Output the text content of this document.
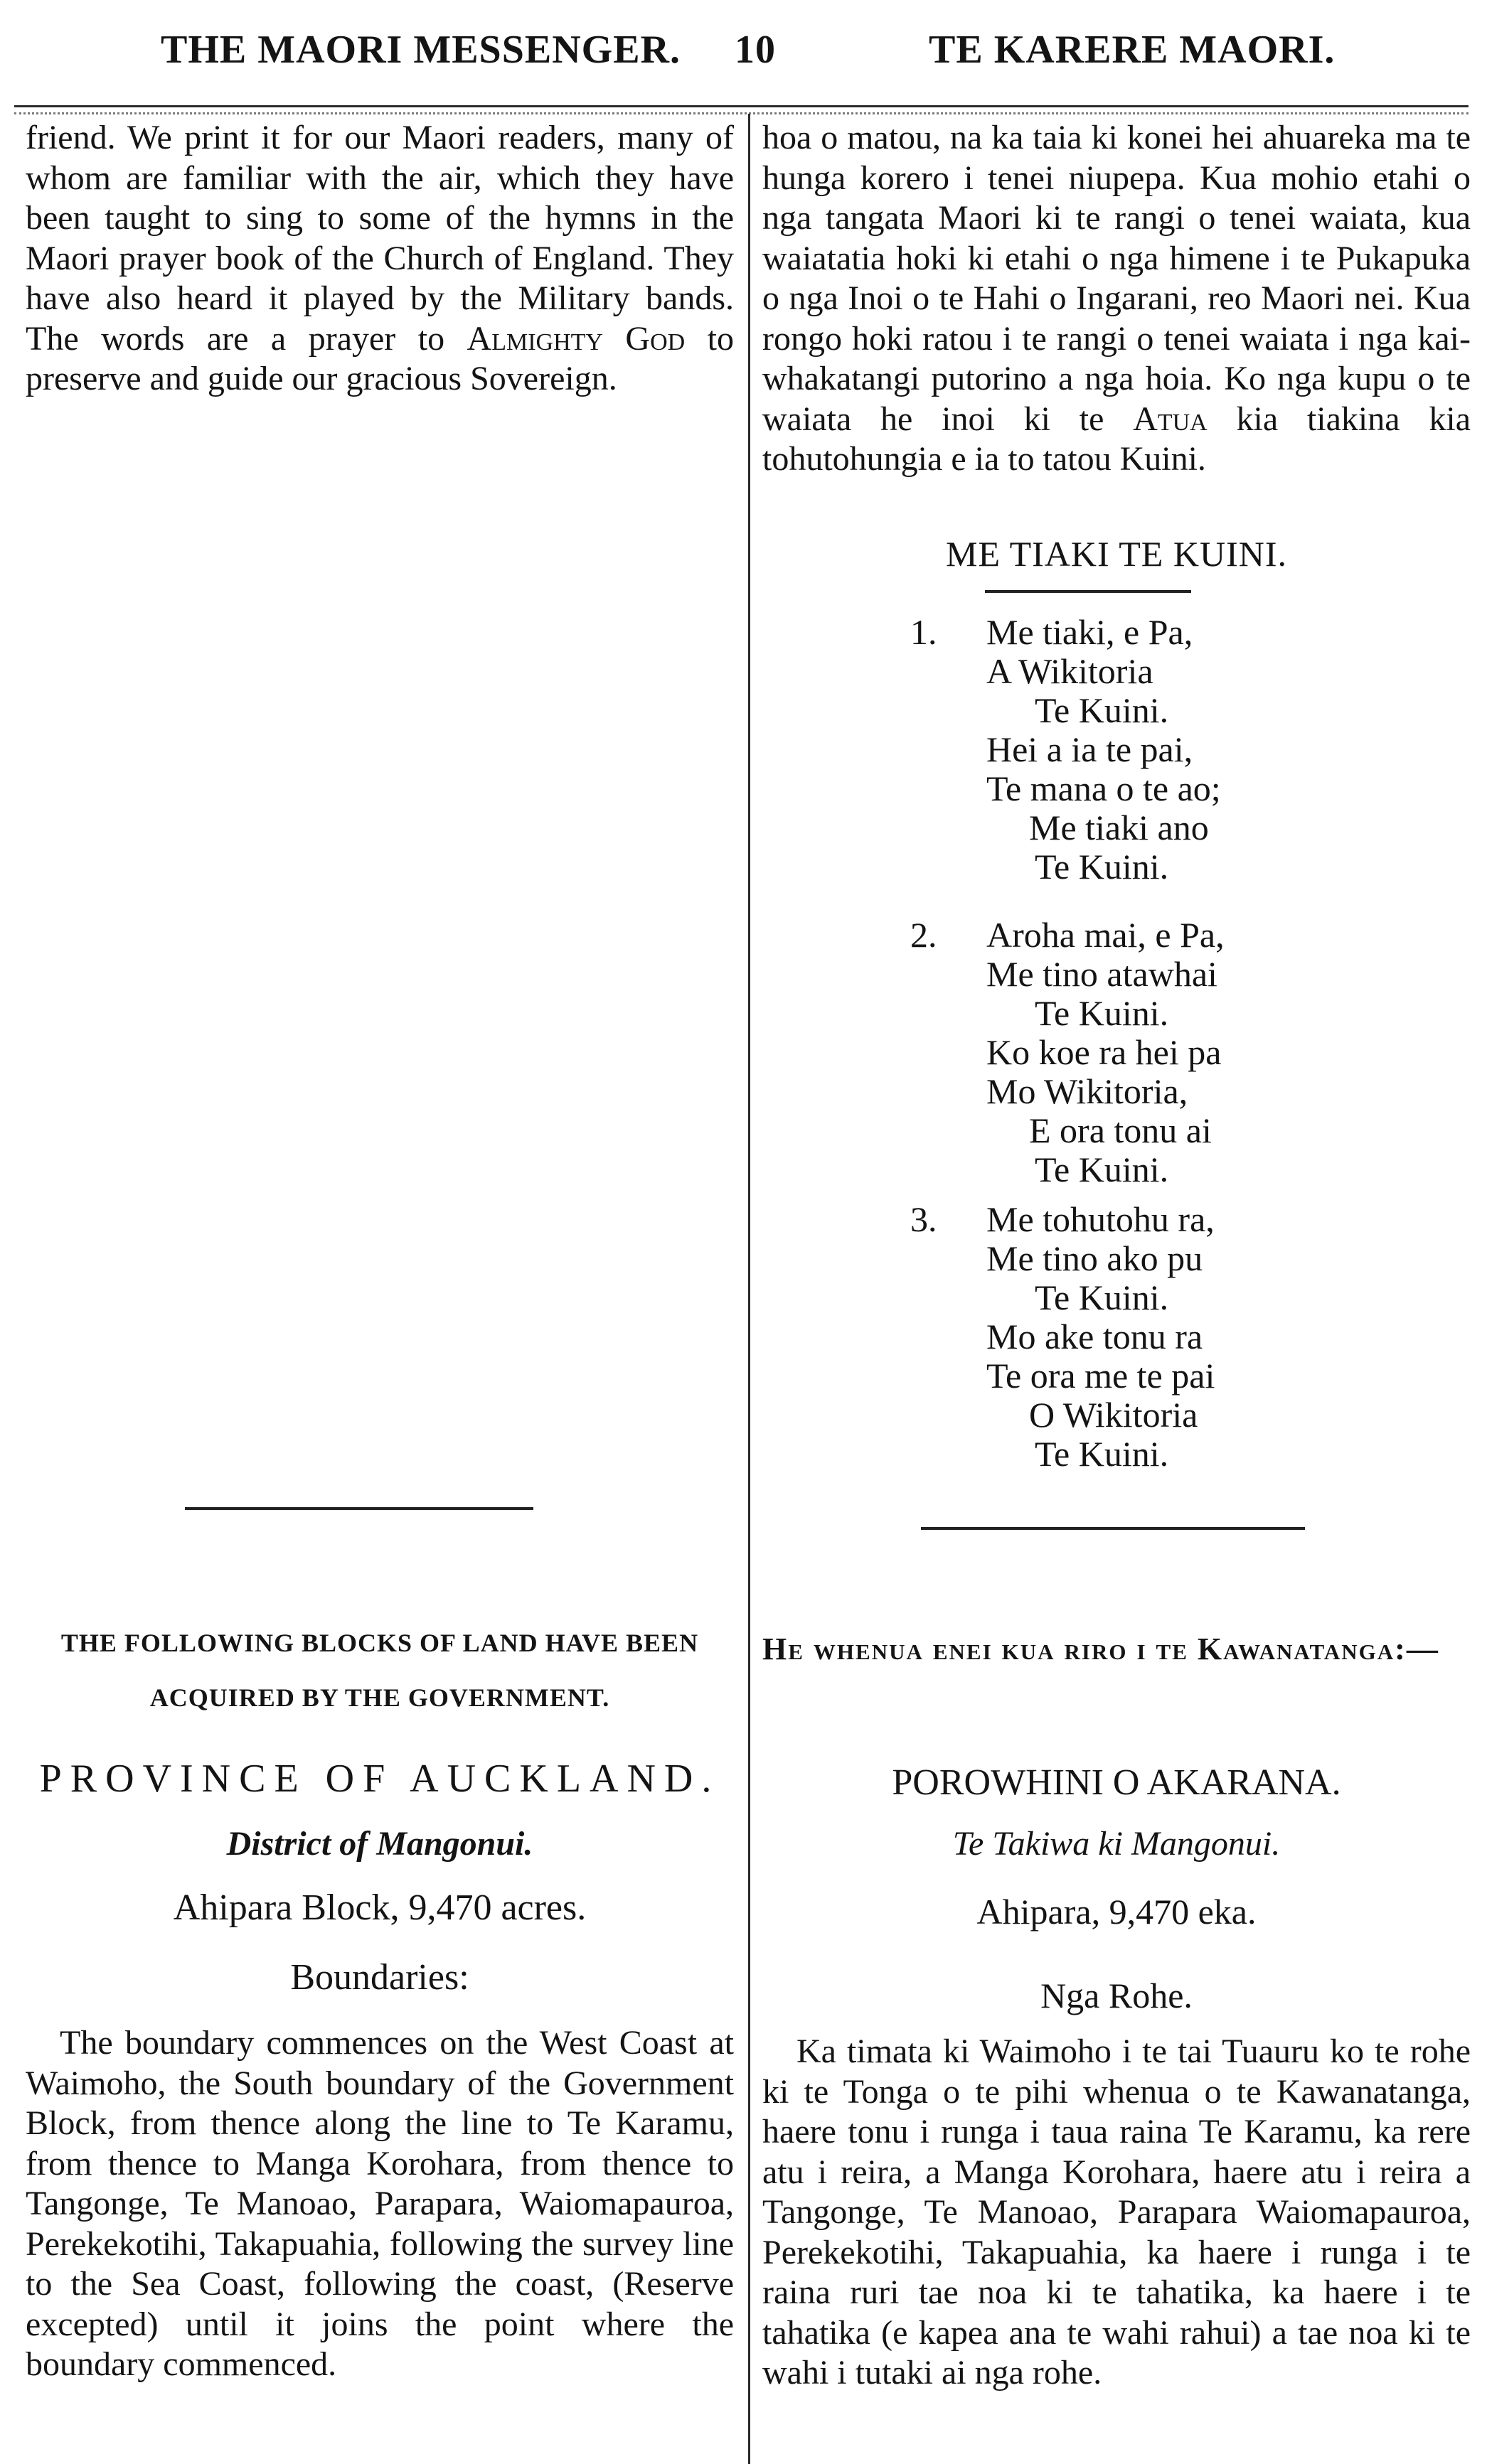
THE MAORI MESSENGER. 10	TE KARERE MAORI.

friend. We print it for our Maori readers, many of whom are familiar with the air, which they have been taught to sing to some of the hymns in the Maori prayer book of the Church of England. They have also heard it played by the Military bands. The words are a prayer to Almighty God to preserve and guide our gracious Sovereign.

hoa o matou, na ka taia ki konei hei ahuareka ma te hunga korero i tenei niupepa. Kua mohio etahi o nga tangata Maori ki te rangi o tenei waiata, kua waiatatia hoki ki etahi o nga himene i te Pukapuka o nga Inoi o te Hahi o Ingarani, reo Maori nei. Kua rongo hoki ratou i te rangi o tenei waiata i nga kai-whakatangi putorino a nga hoia. Ko nga kupu o te waiata he inoi ki te Atua kia tiakina kia tohutohungia e ia to tatou Kuini.

ME TIAKI TE KUINI.
1.	Me tiaki, e Pa,
A Wikitoria
Te Kuini.
Hei a ia te pai,
Te mana o te ao;
Me tiaki ano
Te Kuini.
2.	Aroha mai, e Pa,
Me tino atawhai
Te Kuini.
Ko koe ra hei pa
Mo Wikitoria,
E ora tonu ai
Te Kuini.
3.	Me tohutohu ra,
Me tino ako pu
Te Kuini.
Mo ake tonu ra
Te ora me te pai
O Wikitoria
Te Kuini.
THE FOLLOWING BLOCKS OF LAND HAVE BEEN
ACQUIRED BY THE GOVERNMENT.
PROVINCE OF AUCKLAND.
District of Mangonui.
Ahipara Block, 9,470 acres.
Boundaries:

The boundary commences on the West Coast at Waimoho, the South boundary of the Government Block, from thence along the line to Te Karamu, from thence to Manga Korohara, from thence to Tangonge, Te Manoao, Parapara, Waiomapauroa, Perekekotihi, Takapuahia, following the survey line to the Sea Coast, following the coast, (Reserve excepted) until it joins the point where the boundary commenced.

He whenua enei kua riro i te Kawanatanga:—
POROWHINI O AKARANA.
Te Takiwa ki Mangonui.
Ahipara, 9,470 eka.
Nga Rohe.

Ka timata ki Waimoho i te tai Tuauru ko te rohe ki te Tonga o te pihi whenua o te Kawanatanga, haere tonu i runga i taua raina Te Karamu, ka rere atu i reira, a Manga Korohara, haere atu i reira a Tangonge, Te Manoao, Parapara Waiomapauroa, Perekekotihi, Takapuahia, ka haere i runga i te raina ruri tae noa ki te tahatika, ka haere i te tahatika (e kapea ana te wahi rahui) a tae noa ki te wahi i tutaki ai nga rohe.
